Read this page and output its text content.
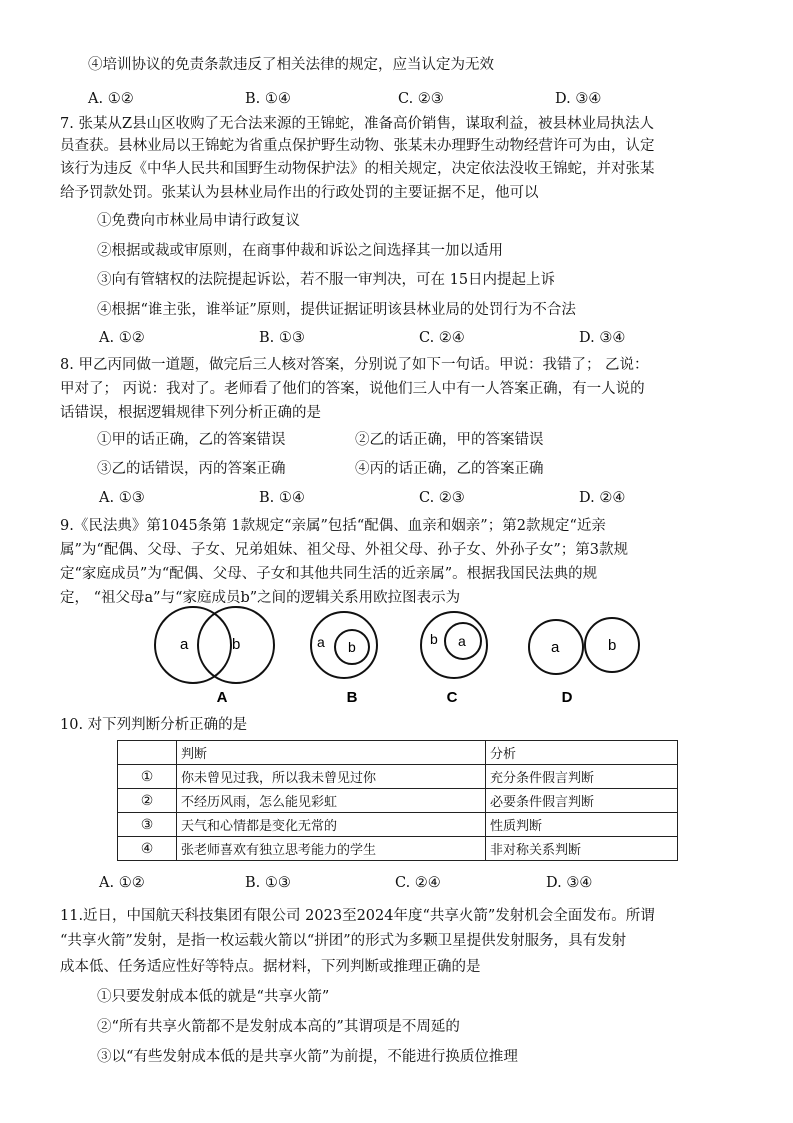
④培训协议的免责条款违反了相关法律的规定，应当认定为无效
A. ①②	B. ①④	C. ②③	D. ③④
7. 张某从Z县山区收购了无合法来源的王锦蛇，准备高价销售，谋取利益，被县林业局执法人
员查获。县林业局以王锦蛇为省重点保护野生动物、张某未办理野生动物经营许可为由，认定
该行为违反《中华人民共和国野生动物保护法》的相关规定，决定依法没收王锦蛇，并对张某
给予罚款处罚。张某认为县林业局作出的行政处罚的主要证据不足，他可以
①免费向市林业局申请行政复议
②根据或裁或审原则，在商事仲裁和诉讼之间选择其一加以适用
③向有管辖权的法院提起诉讼，若不服一审判决，可在 15日内提起上诉
④根据“谁主张，谁举证”原则，提供证据证明该县林业局的处罚行为不合法
A. ①②	B. ①③	C. ②④	D. ③④
8. 甲乙丙同做一道题，做完后三人核对答案，分别说了如下一句话。甲说：我错了； 乙说：
甲对了； 丙说：我对了。老师看了他们的答案，说他们三人中有一人答案正确，有一人说的
话错误，根据逻辑规律下列分析正确的是
①甲的话正确，乙的答案错误	②乙的话正确，甲的答案错误
③乙的话错误，丙的答案正确	④丙的话正确，乙的答案正确
A. ①③	B. ①④	C. ②③	D. ②④
9.《民法典》第1045条第 1款规定“亲属”包括“配偶、血亲和姻亲”；第2款规定“近亲
属”为“配偶、父母、子女、兄弟姐妹、祖父母、外祖父母、孙子女、外孙子女”；第3款规
定“家庭成员”为“配偶、父母、子女和其他共同生活的近亲属”。根据我国民法典的规
定， “祖父母a”与“家庭成员b”之间的逻辑关系用欧拉图表示为
a	b
A
a b
B
b a
C
a	b
D
10. 对下列判断分析正确的是
	判断	分析
①	你未曾见过我，所以我未曾见过你	充分条件假言判断
②	不经历风雨，怎么能见彩虹	必要条件假言判断
③	天气和心情都是变化无常的	性质判断
④	张老师喜欢有独立思考能力的学生	非对称关系判断
A. ①②	B. ①③	C. ②④	D. ③④
11.近日，中国航天科技集团有限公司 2023至2024年度“共享火箭”发射机会全面发布。所谓
“共享火箭”发射，是指一枚运载火箭以“拼团”的形式为多颗卫星提供发射服务，具有发射
成本低、任务适应性好等特点。据材料，下列判断或推理正确的是
①只要发射成本低的就是“共享火箭”
②“所有共享火箭都不是发射成本高的”其谓项是不周延的
③以“有些发射成本低的是共享火箭”为前提，不能进行换质位推理
